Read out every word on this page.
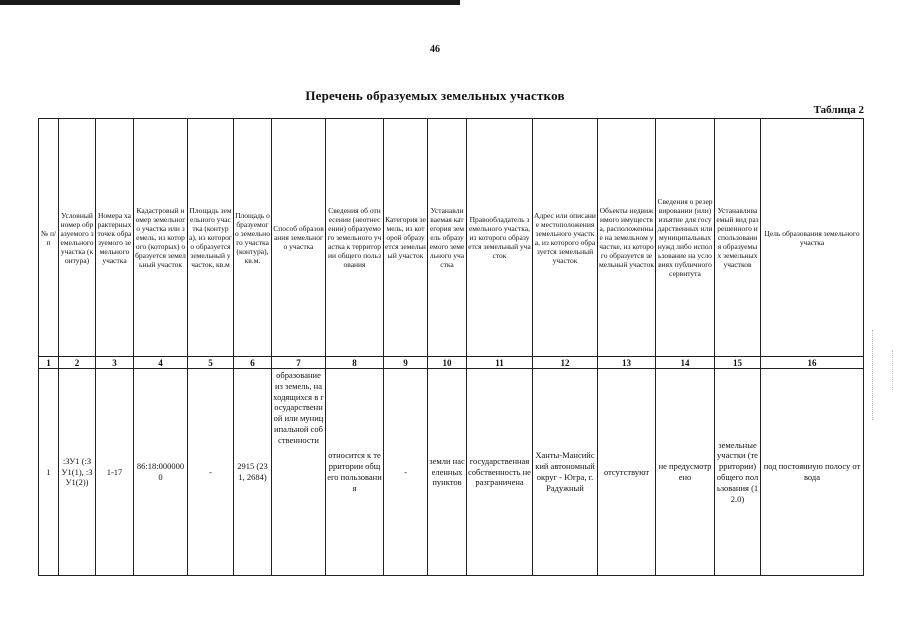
46
Перечень образуемых земельных участков
Таблица 2
№ п/п	Условный номер образуемого земельного участка (контура)	Номера характерных точек образуемого земельного участка	Кадастровый номер земельного участка или земель, из которого (которых) образуется земельный участок	Площадь земельного участка (контура), из которого образуется земельный участок, кв.м	Площадь образуемого земельного участка (контура), кв.м.	Способ образования земельного участка	Сведения об отнесении (неотнесении) образуемого земельного участка к территории общего пользования	Категория земель, из которой образуется земельный участок	Устанавливаемая категория земель образуемого земельного участка	Правообладатель земельного участка, из которого образуется земельный участок	Адрес или описание местоположения земельного участка, из которого образуется земельный участок	Объекты недвижимого имущества, расположенные на земельном участке, из которого образуется земельный участок	Сведения о резервировании (или) изъятие для государственных или муниципальных нужд либо использование на условиях публичного сервитута	Устанавливаемый вид разрешенного использования образуемых земельных участков	Цель образования земельного участка
1	2	3	4	5	6	7	8	9	10	11	12	13	14	15	16
1	:ЗУ1 (:ЗУ1(1), :ЗУ1(2))	1-17	86:18:0000000	-	2915 (231, 2684)	образование из земель, находящихся в государственной или муниципальной собственности	относится к территории общего пользования	-	земли населенных пунктов	государственная собственность не разграничена	Ханты-Мансийский автономный округ - Югра, г. Радужный	отсутствуют	не предусмотрено	земельные участки (территории) общего пользования (12.0)	под постоянную полосу отвода
